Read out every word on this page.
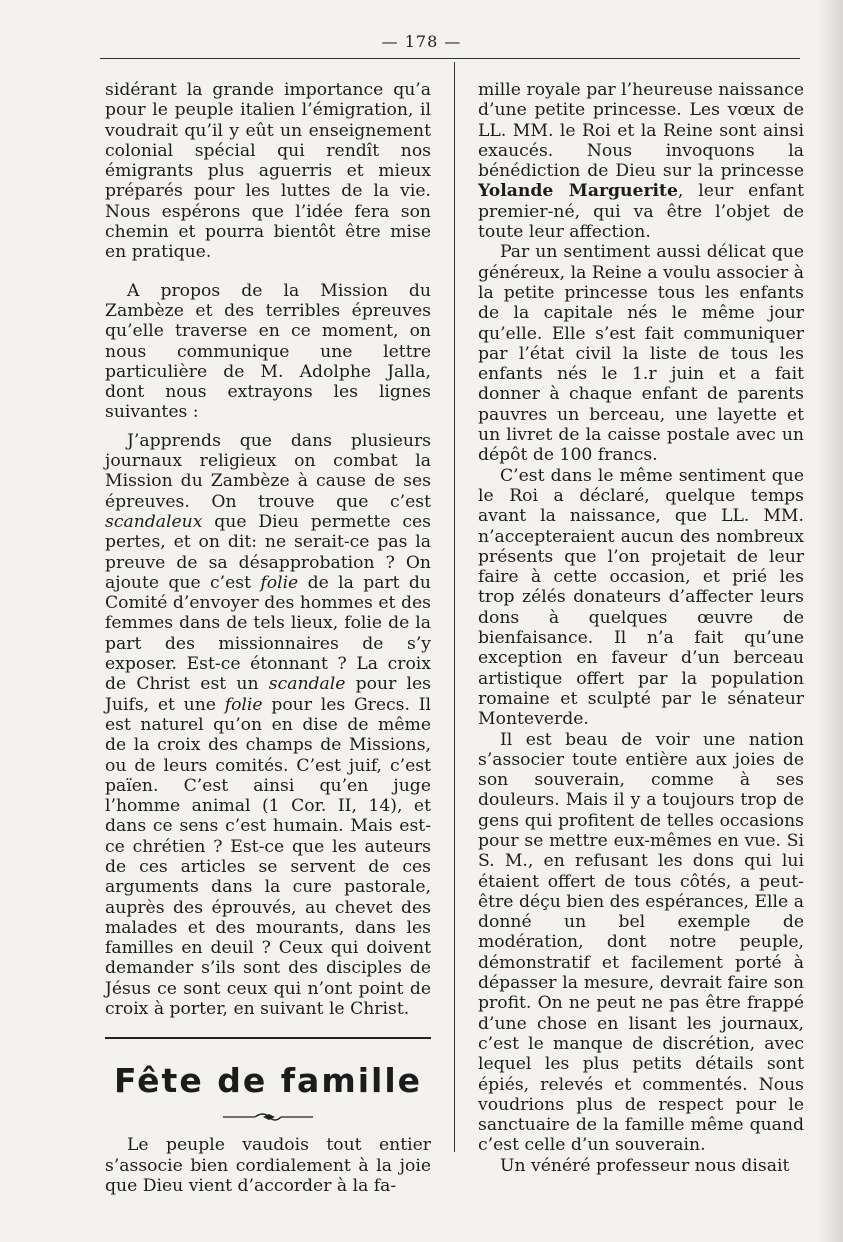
— 178 —

sidérant la grande importance qu’a pour le peuple italien l’émigration, il voudrait qu’il y eût un enseignement colonial spécial qui rendît nos émigrants plus aguerris et mieux préparés pour les luttes de la vie. Nous espérons que l’idée fera son chemin et pourra bientôt être mise en pratique.

A propos de la Mission du Zambèze et des terribles épreuves qu’elle traverse en ce moment, on nous communique une lettre particulière de M. Adolphe Jalla, dont nous extrayons les lignes suivantes :

J’apprends que dans plusieurs journaux religieux on combat la Mission du Zambèze à cause de ses épreuves. On trouve que c’est scandaleux que Dieu permette ces pertes, et on dit: ne serait-ce pas la preuve de sa désapprobation ? On ajoute que c’est folie de la part du Comité d’envoyer des hommes et des femmes dans de tels lieux, folie de la part des missionnaires de s’y exposer. Est-ce étonnant ? La croix de Christ est un scandale pour les Juifs, et une folie pour les Grecs. Il est naturel qu’on en dise de même de la croix des champs de Missions, ou de leurs comités. C’est juif, c’est païen. C’est ainsi qu’en juge l’homme animal (1 Cor. II, 14), et dans ce sens c’est humain. Mais est-ce chrétien ? Est-ce que les auteurs de ces articles se servent de ces arguments dans la cure pastorale, auprès des éprouvés, au chevet des malades et des mourants, dans les familles en deuil ? Ceux qui doivent demander s’ils sont des disciples de Jésus ce sont ceux qui n’ont point de croix à porter, en suivant le Christ.

Fête de famille

Le peuple vaudois tout entier s’associe bien cordialement à la joie que Dieu vient d’accorder à la fa-

mille royale par l’heureuse naissance d’une petite princesse. Les vœux de LL. MM. le Roi et la Reine sont ainsi exaucés. Nous invoquons la bénédiction de Dieu sur la princesse Yolande Marguerite, leur enfant premier-né, qui va être l’objet de toute leur affection.

Par un sentiment aussi délicat que généreux, la Reine a voulu associer à la petite princesse tous les enfants de la capitale nés le même jour qu’elle. Elle s’est fait communiquer par l’état civil la liste de tous les enfants nés le 1.r juin et a fait donner à chaque enfant de parents pauvres un berceau, une layette et un livret de la caisse postale avec un dépôt de 100 francs.

C’est dans le même sentiment que le Roi a déclaré, quelque temps avant la naissance, que LL. MM. n’accepteraient aucun des nombreux présents que l’on projetait de leur faire à cette occasion, et prié les trop zélés donateurs d’affecter leurs dons à quelques œuvre de bienfaisance. Il n’a fait qu’une exception en faveur d’un berceau artistique offert par la population romaine et sculpté par le sénateur Monteverde.

Il est beau de voir une nation s’associer toute entière aux joies de son souverain, comme à ses douleurs. Mais il y a toujours trop de gens qui profitent de telles occasions pour se mettre eux-mêmes en vue. Si S. M., en refusant les dons qui lui étaient offert de tous côtés, a peut-être déçu bien des espérances, Elle a donné un bel exemple de modération, dont notre peuple, démonstratif et facilement porté à dépasser la mesure, devrait faire son profit. On ne peut ne pas être frappé d’une chose en lisant les journaux, c’est le manque de discrétion, avec lequel les plus petits détails sont épiés, relevés et commentés. Nous voudrions plus de respect pour le sanctuaire de la famille même quand c’est celle d’un souverain.

Un vénéré professeur nous disait
